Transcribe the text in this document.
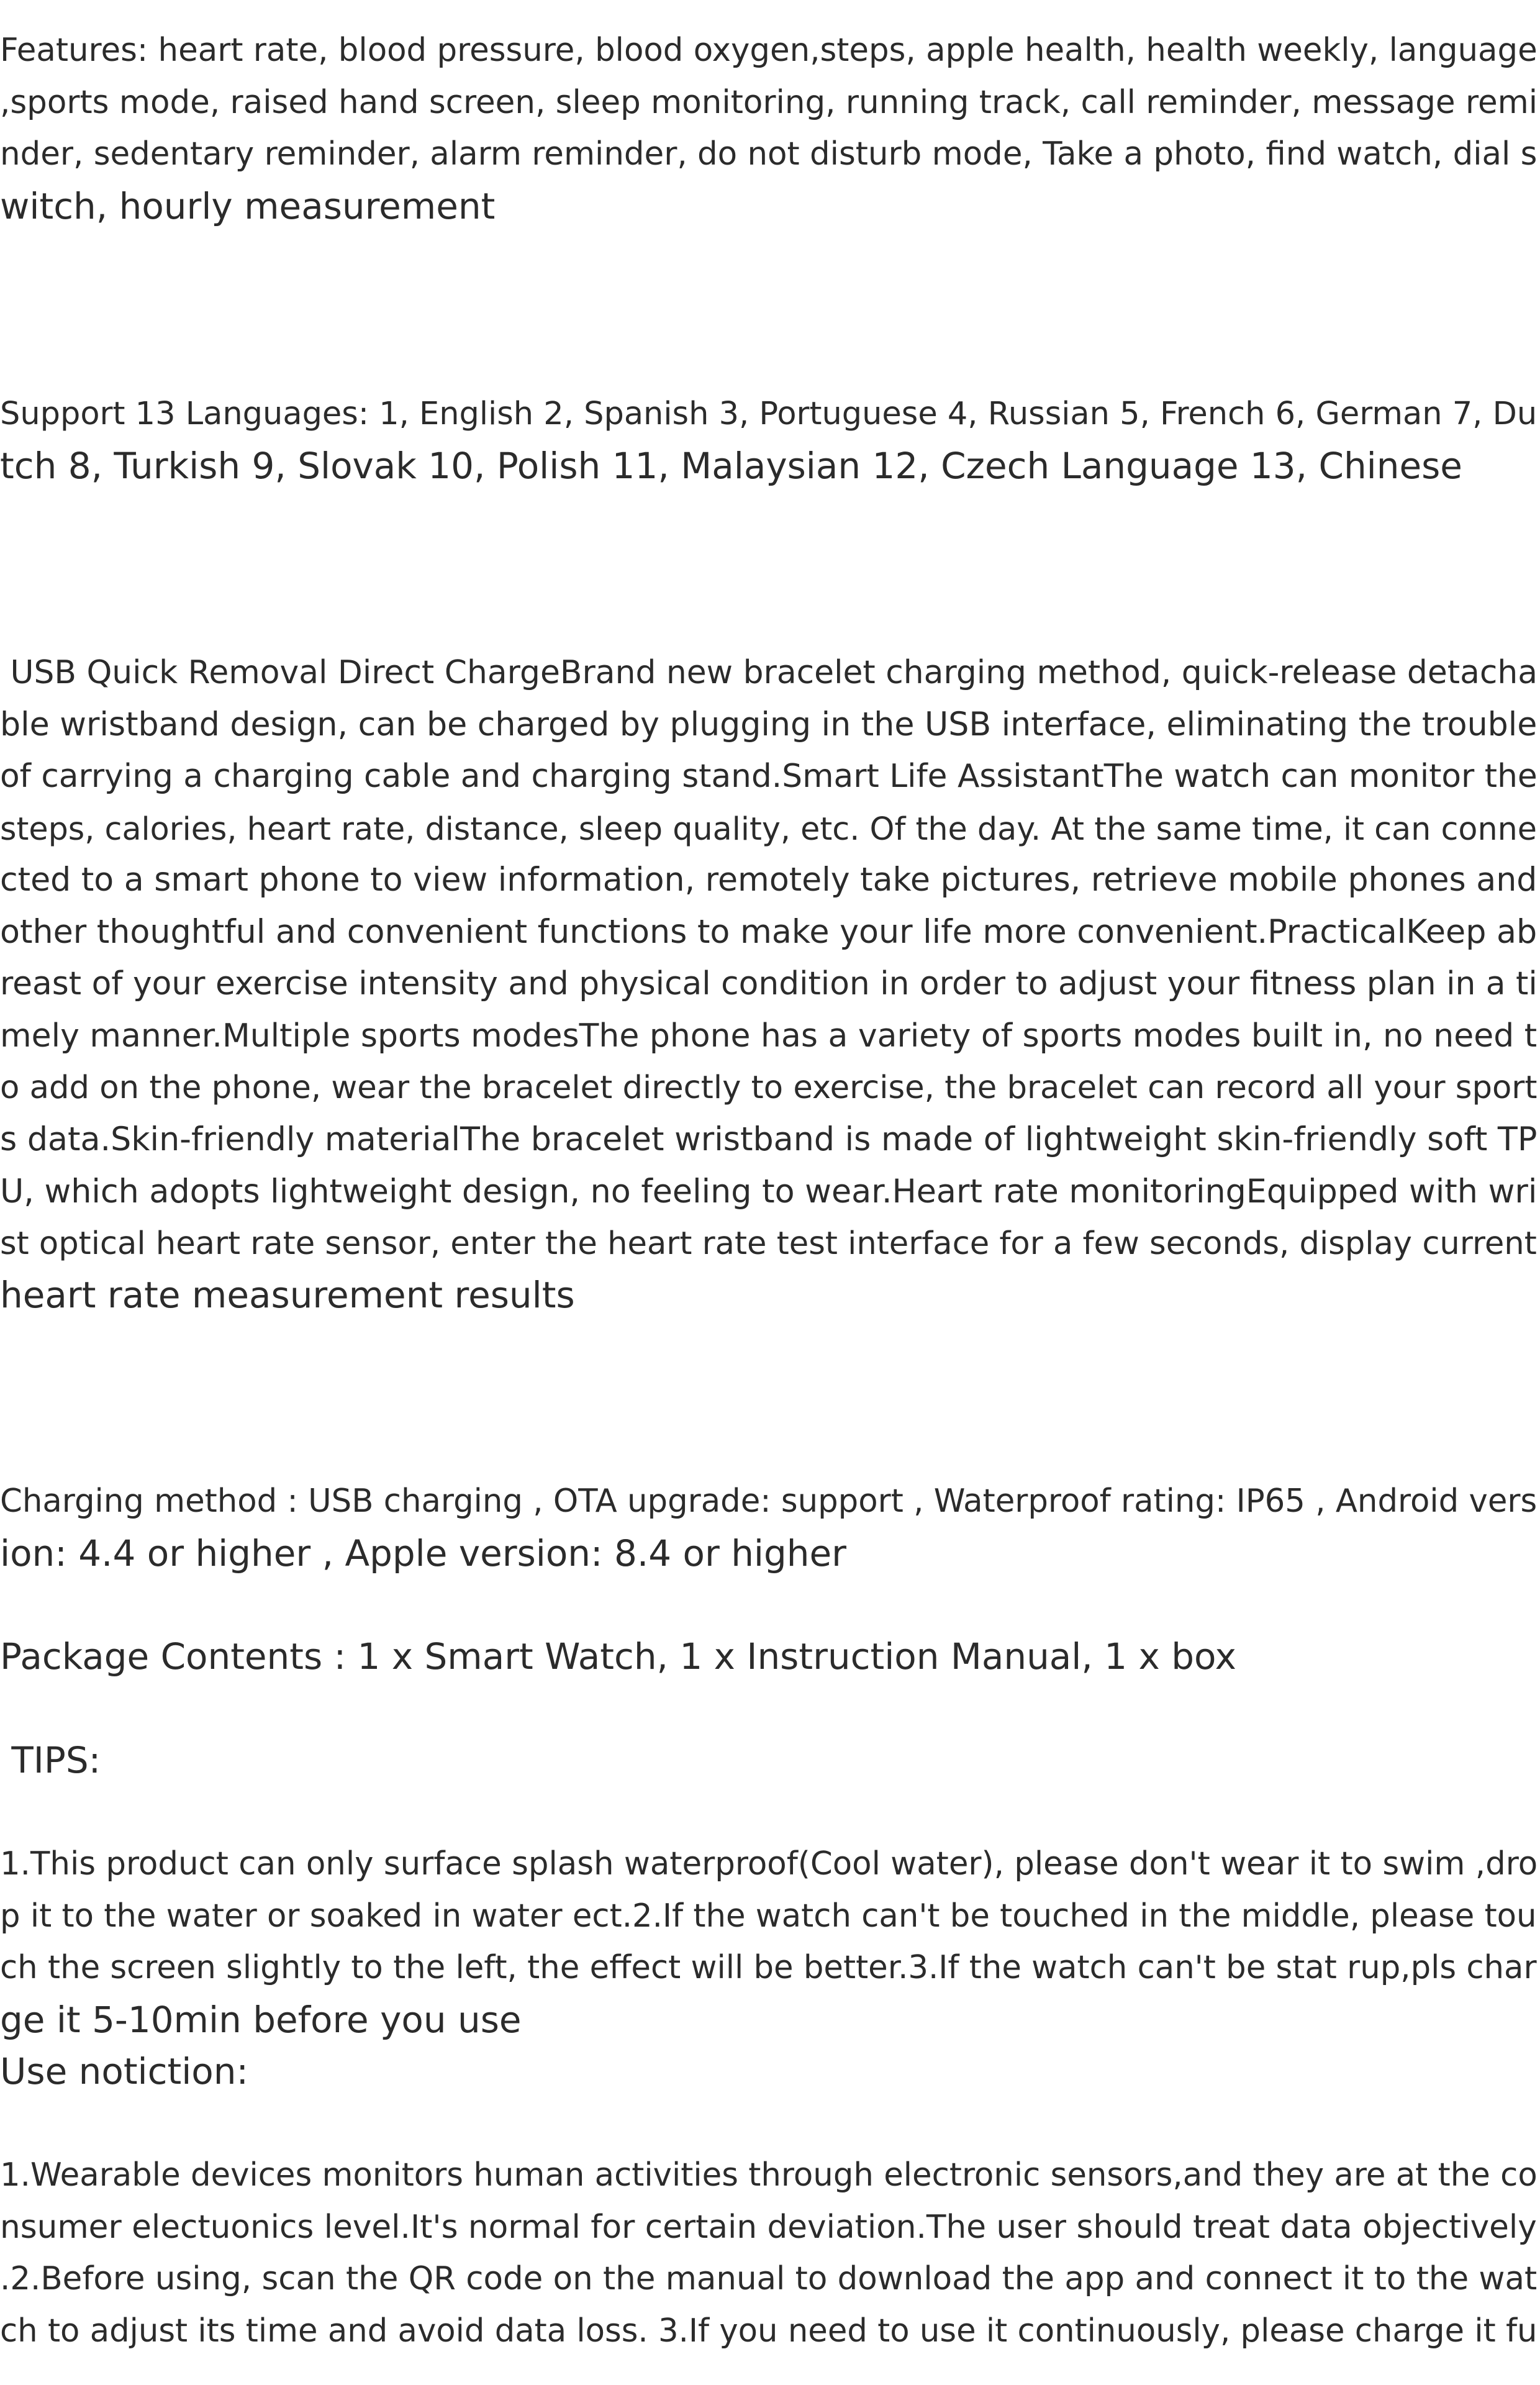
Features: heart rate, blood pressure, blood oxygen,steps, apple health, health weekly, language
,sports mode, raised hand screen, sleep monitoring, running track, call reminder, message remi
nder, sedentary reminder, alarm reminder, do not disturb mode, Take a photo, find watch, dial s
witch, hourly measurement
Support 13 Languages: 1, English 2, Spanish 3, Portuguese 4, Russian 5, French 6, German 7, Du
tch 8, Turkish 9, Slovak 10, Polish 11, Malaysian 12, Czech Language 13, Chinese
USB Quick Removal Direct ChargeBrand new bracelet charging method, quick-release detacha
ble wristband design, can be charged by plugging in the USB interface, eliminating the trouble
of carrying a charging cable and charging stand.Smart Life AssistantThe watch can monitor the
steps, calories, heart rate, distance, sleep quality, etc. Of the day. At the same time, it can conne
cted to a smart phone to view information, remotely take pictures, retrieve mobile phones and
other thoughtful and convenient functions to make your life more convenient.PracticalKeep ab
reast of your exercise intensity and physical condition in order to adjust your fitness plan in a ti
mely manner.Multiple sports modesThe phone has a variety of sports modes built in, no need t
o add on the phone, wear the bracelet directly to exercise, the bracelet can record all your sport
s data.Skin-friendly materialThe bracelet wristband is made of lightweight skin-friendly soft TP
U, which adopts lightweight design, no feeling to wear.Heart rate monitoringEquipped with wri
st optical heart rate sensor, enter the heart rate test interface for a few seconds, display current
heart rate measurement results
Charging method : USB charging , OTA upgrade: support , Waterproof rating: IP65 , Android vers
ion: 4.4 or higher , Apple version: 8.4 or higher
Package Contents : 1 x Smart Watch, 1 x Instruction Manual, 1 x box
TIPS:
1.This product can only surface splash waterproof(Cool water), please don't wear it to swim ,dro
p it to the water or soaked in water ect.2.If the watch can't be touched in the middle, please tou
ch the screen slightly to the left, the effect will be better.3.If the watch can't be stat rup,pls char
ge it 5-10min before you use
Use notiction:
1.Wearable devices monitors human activities through electronic sensors,and they are at the co
nsumer electuonics level.It's normal for certain deviation.The user should treat data objectively
.2.Before using, scan the QR code on the manual to download the app and connect it to the wat
ch to adjust its time and avoid data loss. 3.If you need to use it continuously, please charge it fu
